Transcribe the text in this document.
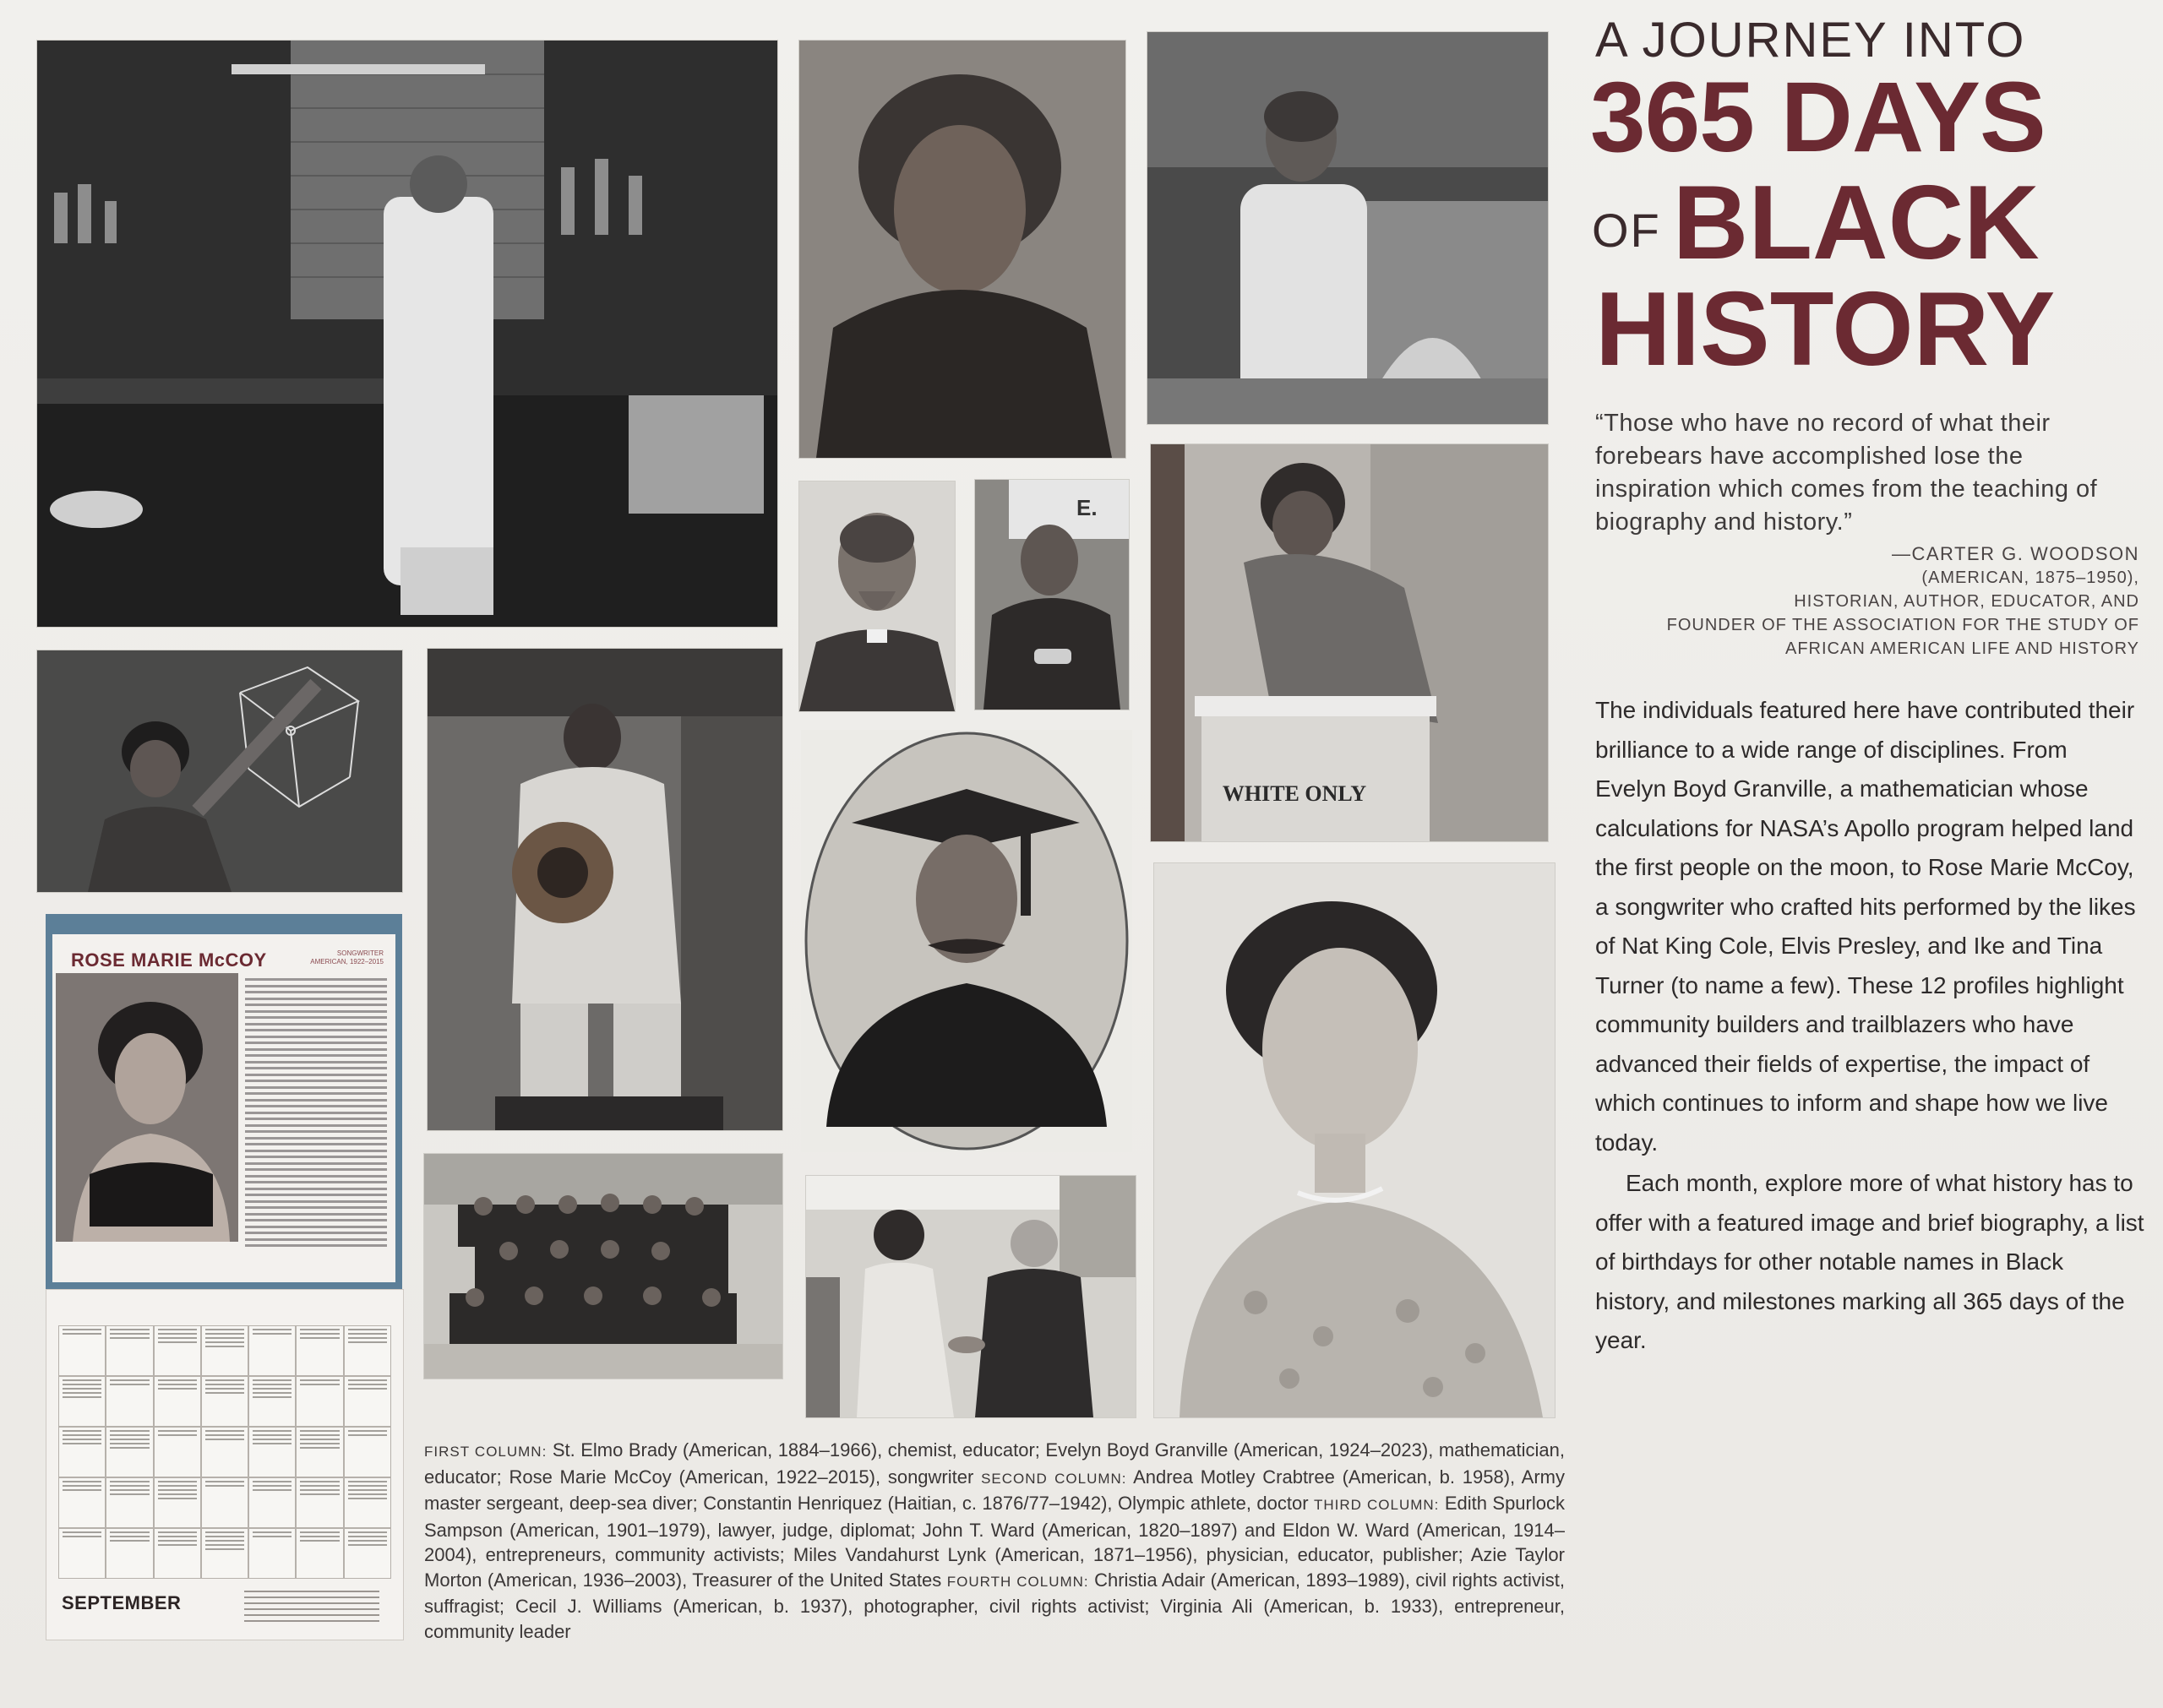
E.
WHITE ONLY
ROSE MARIE McCOY	SONGWRITER
AMERICAN, 1922–2015
SEPTEMBER
A JOURNEY INTO
365 DAYS
OF BLACK
HISTORY
“Those who have no record of what their forebears have accomplished lose the inspiration which comes from the teaching of biography and history.”
—CARTER G. WOODSON
(AMERICAN, 1875–1950),
HISTORIAN, AUTHOR, EDUCATOR, AND
FOUNDER OF THE ASSOCIATION FOR THE STUDY OF
AFRICAN AMERICAN LIFE AND HISTORY

The individuals featured here have contributed their brilliance to a wide range of disciplines. From Evelyn Boyd Granville, a mathematician whose calculations for NASA’s Apollo program helped land the first people on the moon, to Rose Marie McCoy, a songwriter who crafted hits performed by the likes of Nat King Cole, Elvis Presley, and Ike and Tina Turner (to name a few). These 12 profiles highlight community builders and trailblazers who have advanced their fields of expertise, the impact of which continues to inform and shape how we live today.

Each month, explore more of what history has to offer with a featured image and brief biography, a list of birthdays for other notable names in Black history, and milestones marking all 365 days of the year.

FIRST COLUMN: St. Elmo Brady (American, 1884–1966), chemist, educator; Evelyn Boyd Granville (American, 1924–2023), mathematician, educator; Rose Marie McCoy (American, 1922–2015), songwriter SECOND COLUMN: Andrea Motley Crabtree (American, b. 1958), Army master sergeant, deep-sea diver; Constantin Henriquez (Haitian, c. 1876/77–1942), Olympic athlete, doctor THIRD COLUMN: Edith Spurlock Sampson (American, 1901–1979), lawyer, judge, diplomat; John T. Ward (American, 1820–1897) and Eldon W. Ward (American, 1914–2004), entrepreneurs, community activists; Miles Vandahurst Lynk (American, 1871–1956), physician, educator, publisher; Azie Taylor Morton (American, 1936–2003), Treasurer of the United States FOURTH COLUMN: Christia Adair (American, 1893–1989), civil rights activist, suffragist; Cecil J. Williams (American, b. 1937), photographer, civil rights activist; Virginia Ali (American, b. 1933), entrepreneur, community leader
